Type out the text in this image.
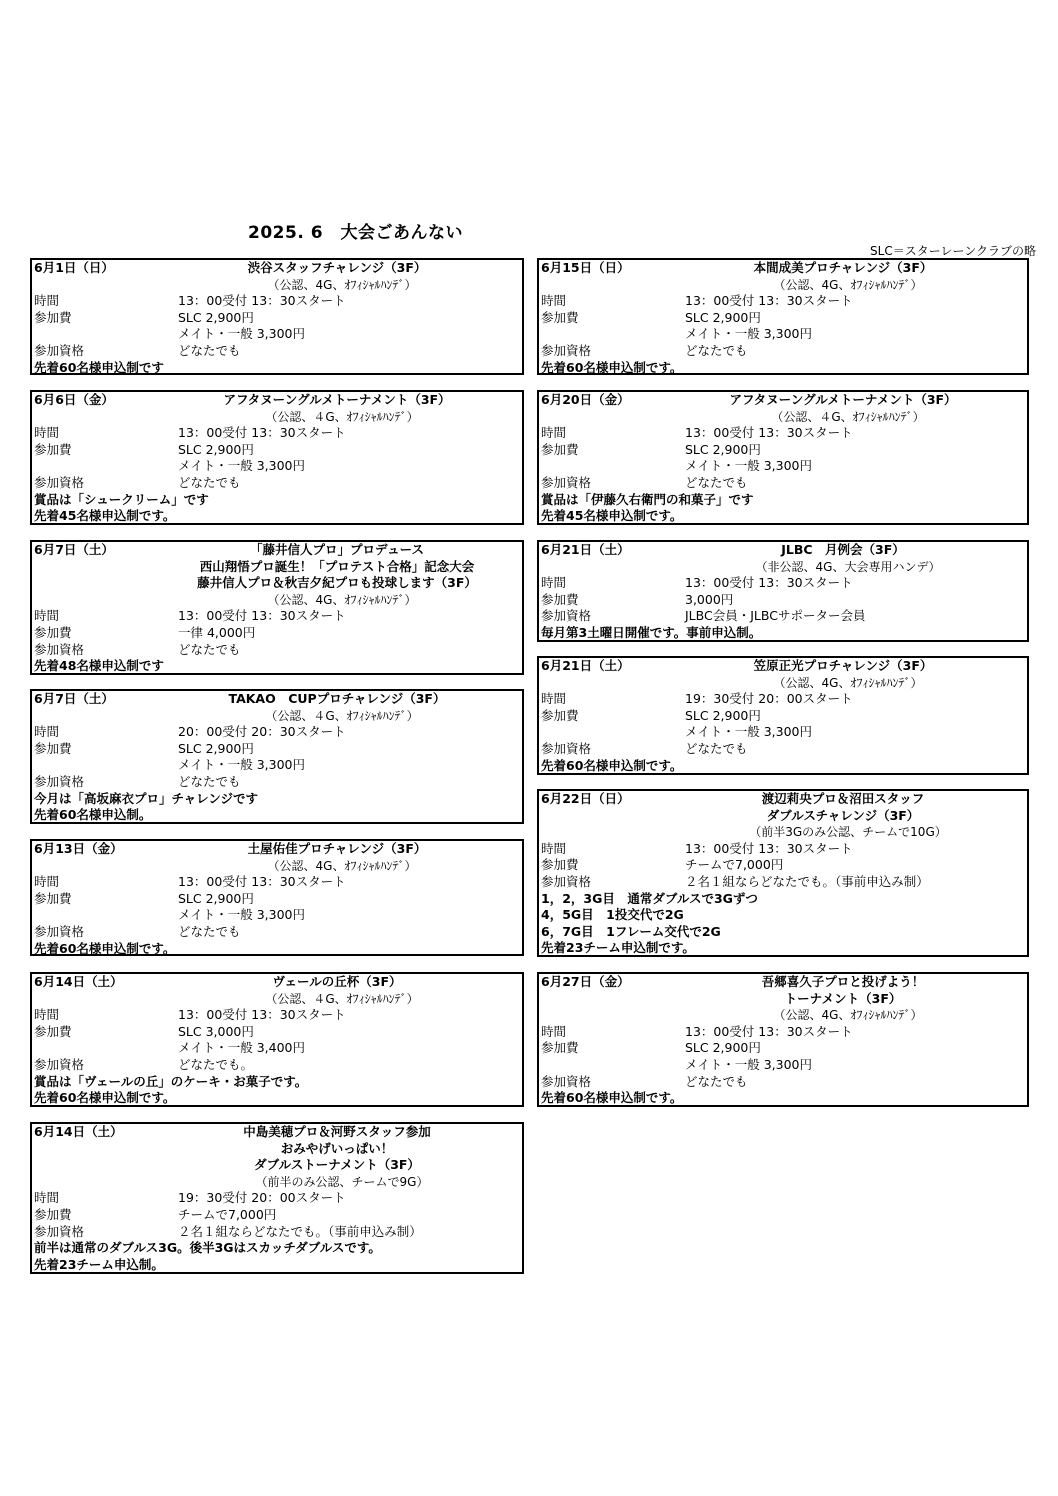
2025. 6　大会ごあんない
SLC＝スターレーンクラブの略
6月1日（日）	渋谷スタッフチャレンジ（3F）
（公認、4G、ｵﾌｨｼｬﾙﾊﾝﾃﾞ）
時間	13：00受付 13：30スタート
参加費	SLC 2,900円
メイト・一般 3,300円
参加資格	どなたでも
先着60名様申込制です
6月6日（金）	アフタヌーングルメトーナメント（3F）
（公認、４G、ｵﾌｨｼｬﾙﾊﾝﾃﾞ）
時間	13：00受付 13：30スタート
参加費	SLC 2,900円
メイト・一般 3,300円
参加資格	どなたでも
賞品は「シュークリーム」です
先着45名様申込制です。
6月7日（土）	「藤井信人プロ」プロデュース
西山翔悟プロ誕生！「プロテスト合格」記念大会
藤井信人プロ＆秋吉夕紀プロも投球します（3F）
（公認、4G、ｵﾌｨｼｬﾙﾊﾝﾃﾞ）
時間	13：00受付 13：30スタート
参加費	一律 4,000円
参加資格	どなたでも
先着48名様申込制です
6月7日（土）	TAKAO　CUPプロチャレンジ（3F）
（公認、４G、ｵﾌｨｼｬﾙﾊﾝﾃﾞ）
時間	20：00受付 20：30スタート
参加費	SLC 2,900円
メイト・一般 3,300円
参加資格	どなたでも
今月は「高坂麻衣プロ」チャレンジです
先着60名様申込制。
6月13日（金）	土屋佑佳プロチャレンジ（3F）
（公認、4G、ｵﾌｨｼｬﾙﾊﾝﾃﾞ）
時間	13：00受付 13：30スタート
参加費	SLC 2,900円
メイト・一般 3,300円
参加資格	どなたでも
先着60名様申込制です。
6月14日（土）	ヴェールの丘杯（3F）
（公認、４G、ｵﾌｨｼｬﾙﾊﾝﾃﾞ）
時間	13：00受付 13：30スタート
参加費	SLC 3,000円
メイト・一般 3,400円
参加資格	どなたでも。
賞品は「ヴェールの丘」のケーキ・お菓子です。
先着60名様申込制です。
6月14日（土）	中島美穂プロ＆河野スタッフ参加
おみやげいっぱい！
ダブルストーナメント（3F）
（前半のみ公認、チームで9G）
時間	19：30受付 20：00スタート
参加費	チームで7,000円
参加資格	２名１組ならどなたでも。（事前申込み制）
前半は通常のダブルス3G。後半3Gはスカッチダブルスです。
先着23チーム申込制。
6月15日（日）	本間成美プロチャレンジ（3F）
（公認、4G、ｵﾌｨｼｬﾙﾊﾝﾃﾞ）
時間	13：00受付 13：30スタート
参加費	SLC 2,900円
メイト・一般 3,300円
参加資格	どなたでも
先着60名様申込制です。
6月20日（金）	アフタヌーングルメトーナメント（3F）
（公認、４G、ｵﾌｨｼｬﾙﾊﾝﾃﾞ）
時間	13：00受付 13：30スタート
参加費	SLC 2,900円
メイト・一般 3,300円
参加資格	どなたでも
賞品は「伊藤久右衛門の和菓子」です
先着45名様申込制です。
6月21日（土）	JLBC　月例会（3F）
（非公認、4G、大会専用ハンデ）
時間	13：00受付 13：30スタート
参加費	3,000円
参加資格	JLBC会員・JLBCサポーター会員
毎月第3土曜日開催です。事前申込制。
6月21日（土）	笠原正光プロチャレンジ（3F）
（公認、4G、ｵﾌｨｼｬﾙﾊﾝﾃﾞ）
時間	19：30受付 20：00スタート
参加費	SLC 2,900円
メイト・一般 3,300円
参加資格	どなたでも
先着60名様申込制です。
6月22日（日）	渡辺莉央プロ＆沼田スタッフ
ダブルスチャレンジ（3F）
（前半3Gのみ公認、チームで10G）
時間	13：00受付 13：30スタート
参加費	チームで7,000円
参加資格	２名１組ならどなたでも。（事前申込み制）
1，2，3G目　通常ダブルスで3Gずつ
4，5G目　1投交代で2G
6，7G目　1フレーム交代で2G
先着23チーム申込制です。
6月27日（金）	吾郷喜久子プロと投げよう！
トーナメント（3F）
（公認、4G、ｵﾌｨｼｬﾙﾊﾝﾃﾞ）
時間	13：00受付 13：30スタート
参加費	SLC 2,900円
メイト・一般 3,300円
参加資格	どなたでも
先着60名様申込制です。
